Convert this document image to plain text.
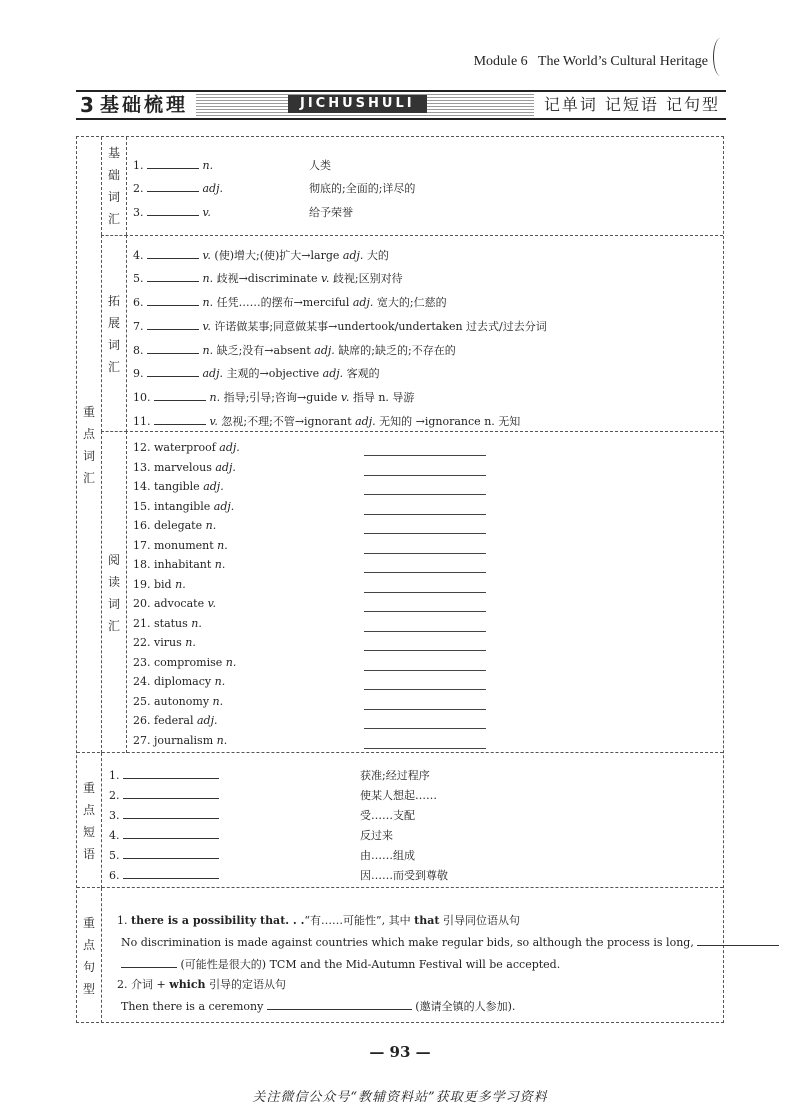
Module 6 The World’s Cultural Heritage
3 基础梳理	JICHUSHULI	记单词 记短语 记句型
重
点
词
汇
基
础
词
汇
拓
展
词
汇
阅
读
词
汇
1.	n.	人类
2.	adj.	彻底的;全面的;详尽的
3.	v.	给予荣誉
4.	v. (使)增大;(使)扩大→large adj. 大的
5.	n. 歧视→discriminate v. 歧视;区别对待
6.	n. 任凭……的摆布→merciful adj. 宽大的;仁慈的
7.	v. 许诺做某事;同意做某事→undertook/undertaken 过去式/过去分词
8.	n. 缺乏;没有→absent adj. 缺席的;缺乏的;不存在的
9.	adj. 主观的→objective adj. 客观的
10.	n. 指导;引导;咨询→guide v. 指导 n. 导游
11.	v. 忽视;不理;不管→ignorant adj. 无知的 →ignorance n. 无知
12. waterproof adj.
13. marvelous adj.
14. tangible adj.
15. intangible adj.
16. delegate n.
17. monument n.
18. inhabitant n.
19. bid n.
20. advocate v.
21. status n.
22. virus n.
23. compromise n.
24. diplomacy n.
25. autonomy n.
26. federal adj.
27. journalism n.
重
点
短
语
1.	获准;经过程序
2.	使某人想起……
3.	受……支配
4.	反过来
5.	由……组成
6.	因……而受到尊敬
重
点
句
型
1. there is a possibility that. . .“有……可能性”, 其中 that 引导同位语从句
No discrimination is made against countries which make regular bids, so although the process is long,
(可能性是很大的) TCM and the Mid-Autumn Festival will be accepted.
2. 介词 + which 引导的定语从句
Then there is a ceremony	(邀请全镇的人参加).
— 93 —
关注微信公众号“教辅资料站”获取更多学习资料
